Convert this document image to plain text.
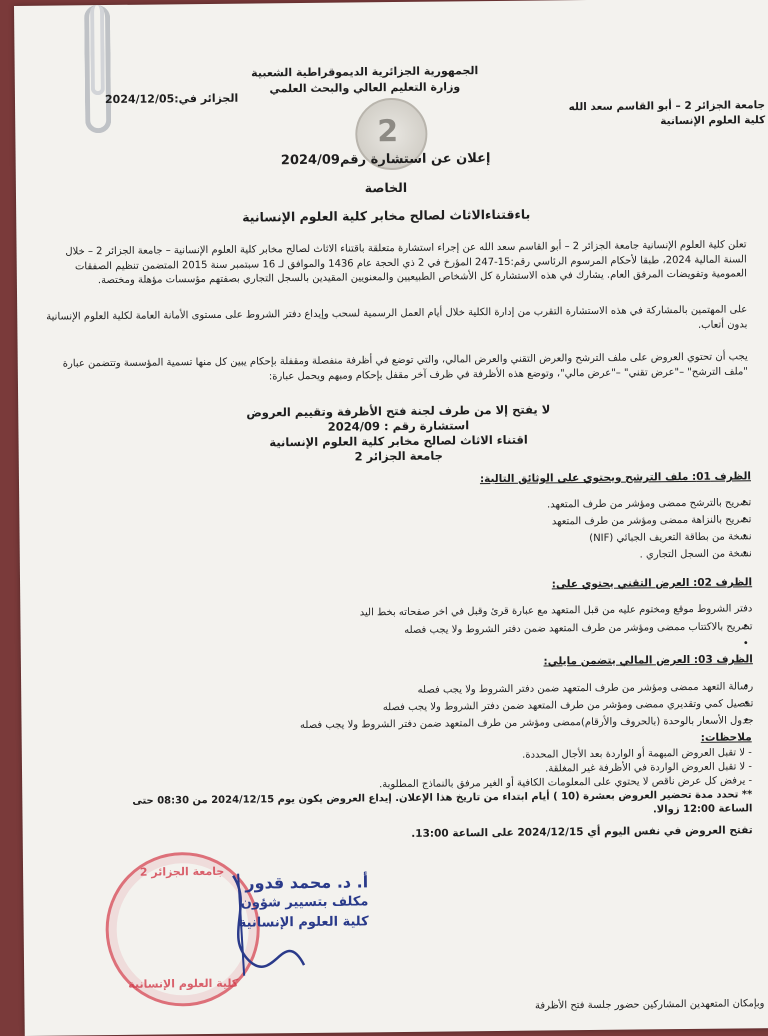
الجمهورية الجزائرية الديموقراطية الشعبية
وزارة التعليم العالي والبحث العلمي
الجزائر في:2024/12/05
جامعة الجزائر 2 – أبو القاسم سعد الله
كلية العلوم الإنسانية
2
إعلان عن استشارة رقم2024/09
الخاصة
باءقتناءالاثاث لصالح مخابر كلية العلوم الإنسانية
تعلن كلية العلوم الإنسانية جامعة الجزائر 2 – أبو القاسم سعد الله عن إجراء استشارة متعلقة باقتناء الاثاث لصالح مخابر كلية العلوم الإنسانية – جامعة الجزائر 2 – خلال السنة المالية 2024، طبقا لأحكام المرسوم الرئاسي رقم:15-247 المؤرخ في 2 ذي الحجة عام 1436 والموافق لـ 16 سبتمبر سنة 2015 المتضمن تنظيم الصفقات العمومية وتفويضات المرفق العام. يشارك في هذه الاستشارة كل الأشخاص الطبيعيين والمعنويين المقيدين بالسجل التجاري بصفتهم مؤسسات مؤهلة ومختصة.
على المهتمين بالمشاركة في هذه الاستشارة التقرب من إدارة الكلية خلال أيام العمل الرسمية لسحب وإيداع دفتر الشروط على مستوى الأمانة العامة لكلية العلوم الإنسانية بدون أتعاب.
يجب أن تحتوي العروض على ملف الترشح والعرض التقني والعرض المالي، والتي توضع في أظرفة منفصلة ومقفلة بإحكام يبين كل منها تسمية المؤسسة وتتضمن عبارة "ملف الترشح" –"عرض تقني" –"عرض مالي"، وتوضع هذه الأظرفة في ظرف آخر مقفل بإحكام ومبهم ويحمل عبارة:
لا يفتح إلا من طرف لجنة فتح الأظرفة وتقييم العروض
استشارة رقم : 2024/09
اقتناء الاثاث لصالح مخابر كلية العلوم الإنسانية
جامعة الجزائر 2
الظرف 01: ملف الترشح ويحتوي على الوثائق التالية:
• تصريح بالترشح ممضى ومؤشر من طرف المتعهد.
• تصريح بالنزاهة ممضى ومؤشر من طرف المتعهد
• نسخة من بطاقة التعريف الجبائي (NIF)
• نسخة من السجل التجاري .
الظرف 02: العرض التقني يحتوي على:
دفتر الشروط موقع ومختوم عليه من قبل المتعهد مع عبارة قرئ وقبل في اخر صفحاته بخط اليد
• تصريح بالاكتتاب ممضى ومؤشر من طرف المتعهد ضمن دفتر الشروط ولا يجب فصله
•
الظرف 03: العرض المالي يتضمن مايلي:
• رسالة التعهد ممضى ومؤشر من طرف المتعهد ضمن دفتر الشروط ولا يجب فصله
• تفصيل كمي وتقديري ممضى ومؤشر من طرف المتعهد ضمن دفتر الشروط ولا يجب فصله
• جدول الأسعار بالوحدة (بالحروف والأرقام)ممضى ومؤشر من طرف المتعهد ضمن دفتر الشروط ولا يجب فصله
ملاحظات:
- لا تقبل العروض المبهمة أو الواردة بعد الأجال المحددة.
- لا تقبل العروض الواردة في الأظرفة غير المغلقة.
- يرفض كل عرض ناقص لا يحتوي على المعلومات الكافية أو الغير مرفق بالنماذج المطلوبة.
** تحدد مدة تحضير العروض بعشرة (10 ) أيام ابتداء من تاريخ هذا الإعلان. إيداع العروض يكون يوم 2024/12/15 من 08:30 حتى الساعة 12:00 زوالا.
تفتح العروض في نفس اليوم أي 2024/12/15 على الساعة 13:00.
جامعة الجزائر 2
كلية العلوم الإنسانية
أ. د. محمد قدور
مكلف بتسيير شؤون
كلية العلوم الإنسانية
وبإمكان المتعهدين المشاركين حضور جلسة فتح الأظرفة
